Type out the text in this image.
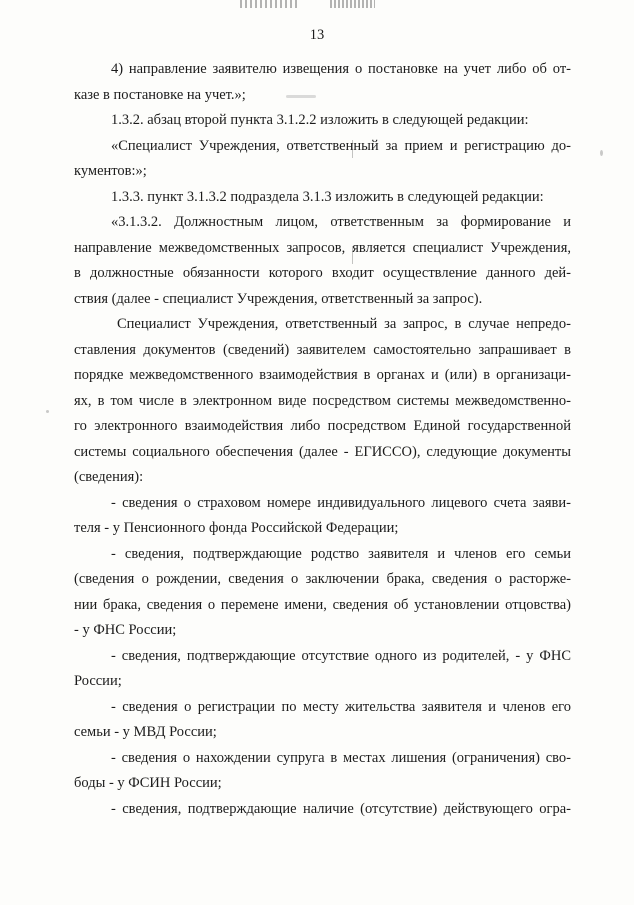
13
4) направление заявителю извещения о постановке на учет либо об от-
казе в постановке на учет.»;
1.3.2. абзац второй пункта 3.1.2.2 изложить в следующей редакции:
«Специалист Учреждения, ответственный за прием и регистрацию до-
кументов:»;
1.3.3. пункт 3.1.3.2 подраздела 3.1.3 изложить в следующей редакции:
«3.1.3.2. Должностным лицом, ответственным за формирование и
направление межведомственных запросов, является специалист Учреждения,
в должностные обязанности которого входит осуществление данного дей-
ствия (далее - специалист Учреждения, ответственный за запрос).
Специалист Учреждения, ответственный за запрос, в случае непредо-
ставления документов (сведений) заявителем самостоятельно запрашивает в
порядке межведомственного взаимодействия в органах и (или) в организаци-
ях, в том числе в электронном виде посредством системы межведомственно-
го электронного взаимодействия либо посредством Единой государственной
системы социального обеспечения (далее - ЕГИССО), следующие документы
(сведения):
- сведения о страховом номере индивидуального лицевого счета заяви-
теля - у Пенсионного фонда Российской Федерации;
- сведения, подтверждающие родство заявителя и членов его семьи
(сведения о рождении, сведения о заключении брака, сведения о расторже-
нии брака, сведения о перемене имени, сведения об установлении отцовства)
- у ФНС России;
- сведения, подтверждающие отсутствие одного из родителей, - у ФНС
России;
- сведения о регистрации по месту жительства заявителя и членов его
семьи - у МВД России;
- сведения о нахождении супруга в местах лишения (ограничения) сво-
боды - у ФСИН России;
- сведения, подтверждающие наличие (отсутствие) действующего огра-
